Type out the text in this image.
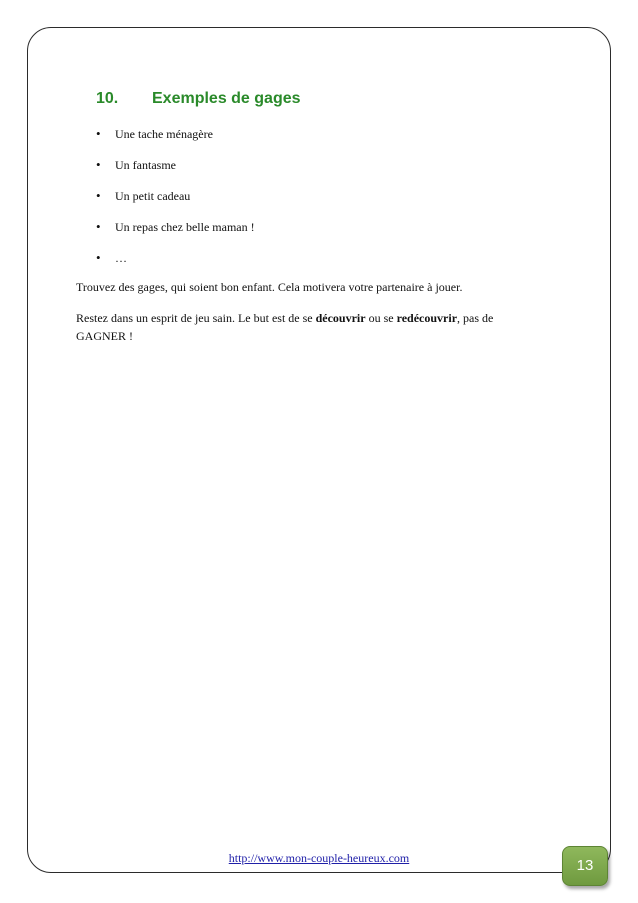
10. Exemples de gages
• Une tache ménagère
• Un fantasme
• Un petit cadeau
• Un repas chez belle maman !
• …

Trouvez des gages, qui soient bon enfant. Cela motivera votre partenaire à jouer.

Restez dans un esprit de jeu sain. Le but est de se découvrir ou se redécouvrir, pas de GAGNER !

http://www.mon-couple-heureux.com	13
